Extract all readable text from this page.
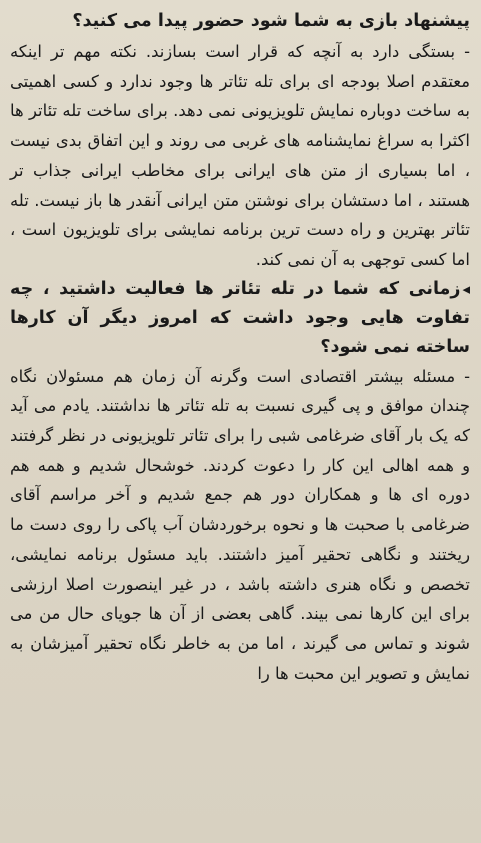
پیشنهاد بازی به شما شود حضور پیدا می کنید؟

- بستگی دارد به آنچه که قرار است بسازند. نکته مهم تر اینکه معتقدم اصلا بودجه ای برای تله تئاتر ها وجود ندارد و کسی اهمیتی به ساخت دوباره نمایش تلویزیونی نمی دهد. برای ساخت تله تئاتر ها اکثرا به سراغ نمایشنامه های غربی می روند و این اتفاق بدی نیست ، اما بسیاری از متن های ایرانی برای مخاطب ایرانی جذاب تر هستند ، اما دستشان برای نوشتن متن ایرانی آنقدر ها باز نیست. تله تئاتر بهترین و راه دست ترین برنامه نمایشی برای تلویزیون است ، اما کسی توجهی به آن نمی کند.

◂زمانی که شما در تله تئاتر ها فعالیت داشتید ، چه تفاوت هایی وجود داشت که امروز دیگر آن کارها ساخته نمی شود؟

- مسئله بیشتر اقتصادی است وگرنه آن زمان هم مسئولان نگاه چندان موافق و پی گیری نسبت به تله تئاتر ها نداشتند. یادم می آید که یک بار آقای ضرغامی شبی را برای تئاتر تلویزیونی در نظر گرفتند و همه اهالی این کار را دعوت کردند. خوشحال شدیم و همه هم دوره ای ها و همکاران دور هم جمع شدیم و آخر مراسم آقای ضرغامی با صحبت ها و نحوه برخوردشان آب پاکی را روی دست ما ریختند و نگاهی تحقیر آمیز داشتند. باید مسئول برنامه نمایشی، تخصص و نگاه هنری داشته باشد ، در غیر اینصورت اصلا ارزشی برای این کارها نمی بیند. گاهی بعضی از آن ها جویای حال من می شوند و تماس می گیرند ، اما من به خاطر نگاه تحقیر آمیزشان به نمایش و تصویر این محبت ها را
